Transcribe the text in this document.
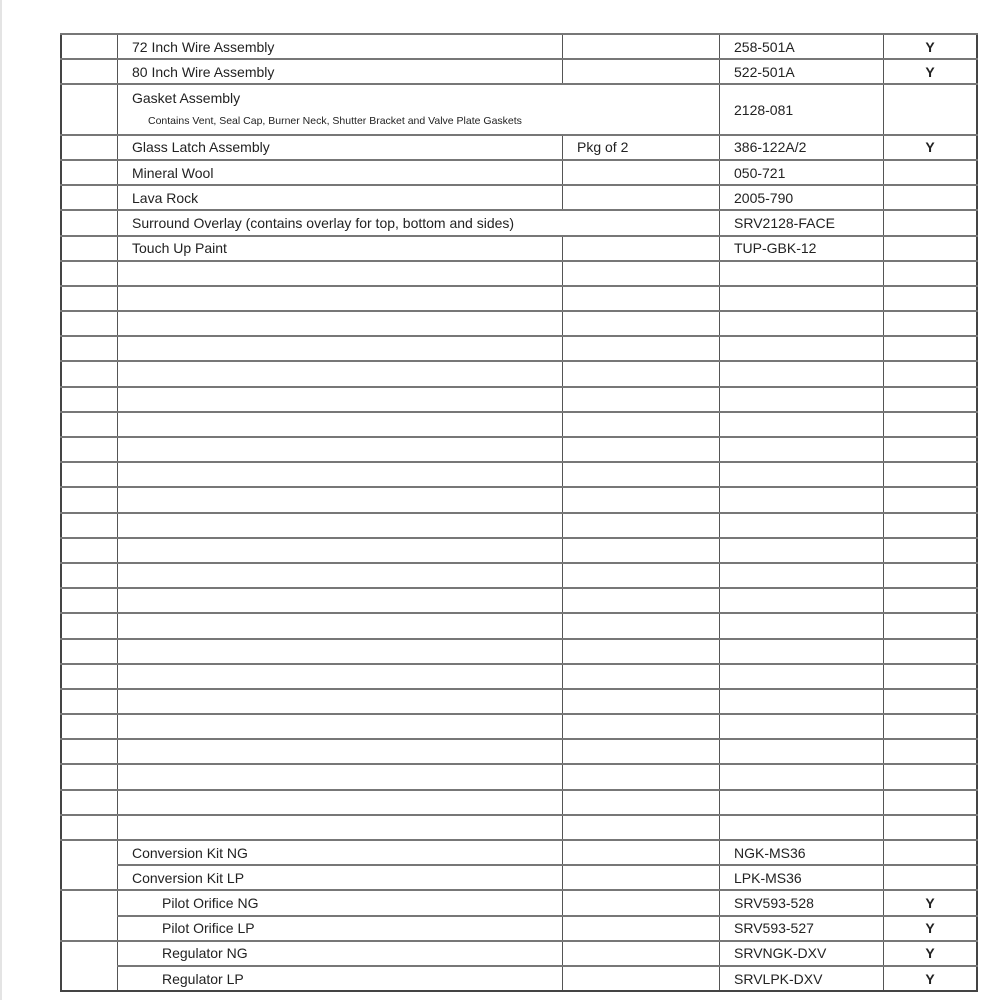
	72 Inch Wire Assembly		258-501A	Y
	80 Inch Wire Assembly		522-501A	Y
	Gasket Assembly
Contains Vent, Seal Cap, Burner Neck, Shutter Bracket and Valve Plate Gaskets		2128-081	
	Glass Latch Assembly	Pkg of 2	386-122A/2	Y
	Mineral Wool		050-721	
	Lava Rock		2005-790	
	Surround Overlay (contains overlay for top, bottom and sides)		SRV2128-FACE	
	Touch Up Paint		TUP-GBK-12	

	Conversion Kit NG		NGK-MS36	
	Conversion Kit LP		LPK-MS36	
	Pilot Orifice NG		SRV593-528	Y
	Pilot Orifice LP		SRV593-527	Y
	Regulator NG		SRVNGK-DXV	Y
	Regulator LP		SRVLPK-DXV	Y
